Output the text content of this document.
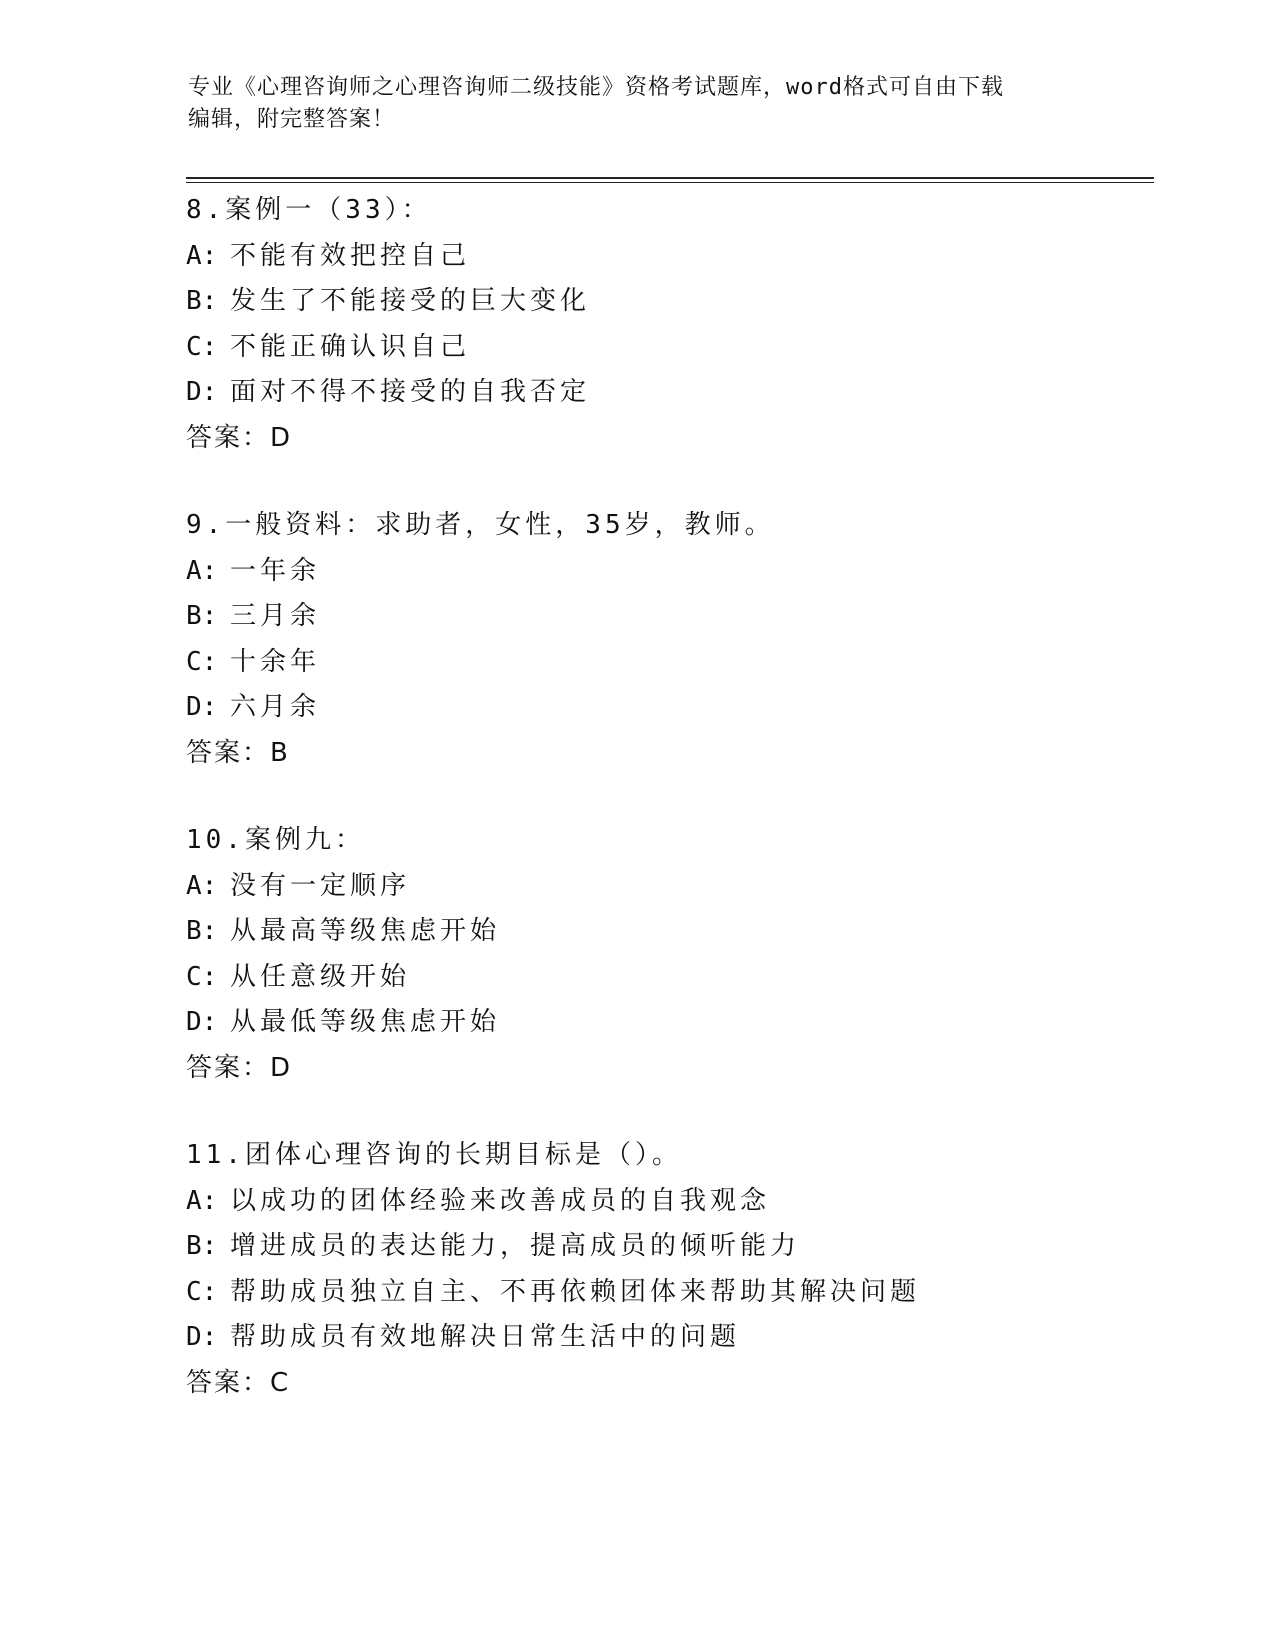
专业《心理咨询师之心理咨询师二级技能》资格考试题库，word格式可自由下载
编辑，附完整答案！
8.案例一（33）：
A: 不能有效把控自己
B: 发生了不能接受的巨大变化
C: 不能正确认识自己
D: 面对不得不接受的自我否定
答案：D
9.一般资料：求助者，女性，35岁，教师。
A: 一年余
B: 三月余
C: 十余年
D: 六月余
答案：B
10.案例九：
A: 没有一定顺序
B: 从最高等级焦虑开始
C: 从任意级开始
D: 从最低等级焦虑开始
答案：D
11.团体心理咨询的长期目标是（）。
A: 以成功的团体经验来改善成员的自我观念
B: 增进成员的表达能力，提高成员的倾听能力
C: 帮助成员独立自主、不再依赖团体来帮助其解决问题
D: 帮助成员有效地解决日常生活中的问题
答案：C
